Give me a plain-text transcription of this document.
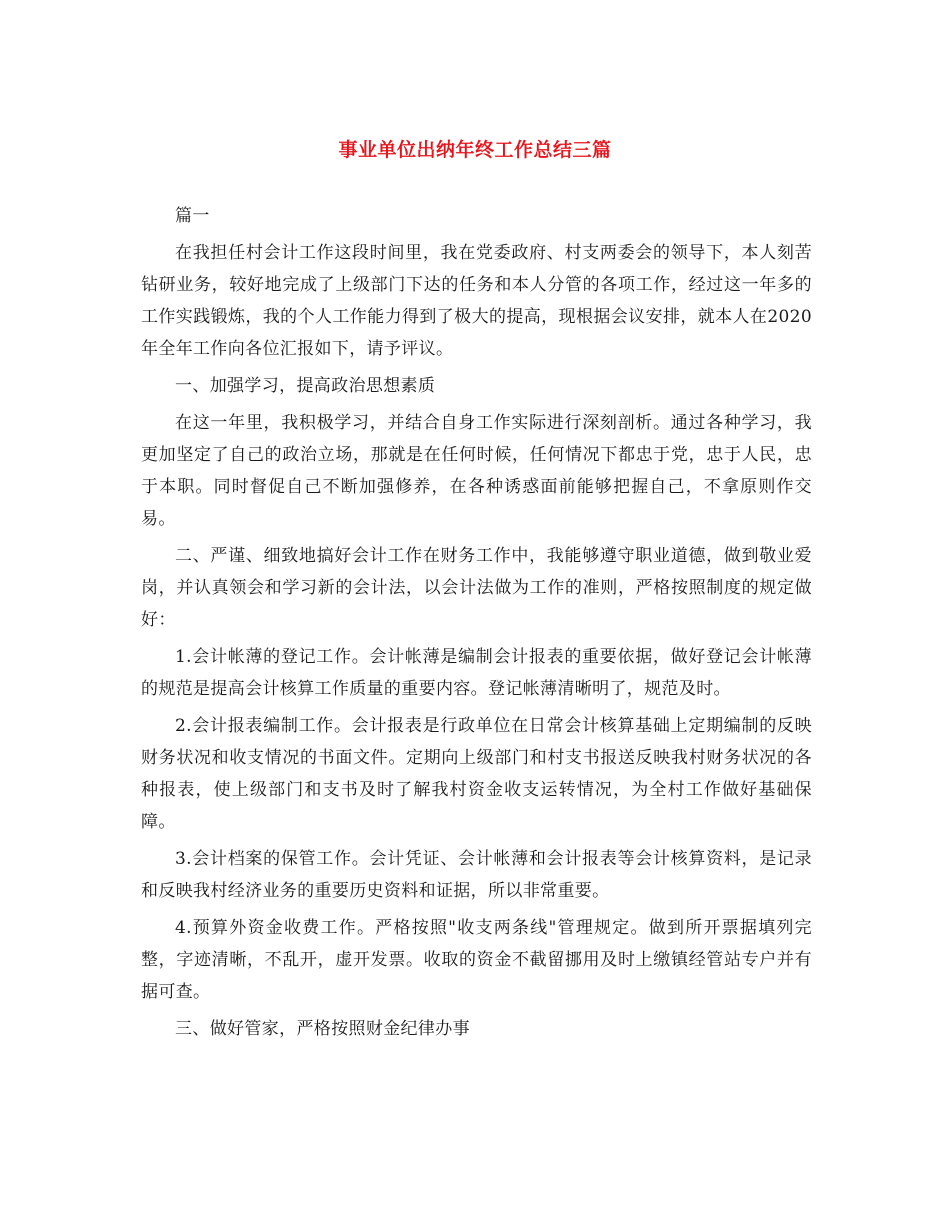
事业单位出纳年终工作总结三篇

篇一

在我担任村会计工作这段时间里，我在党委政府、村支两委会的领导下，本人刻苦钻研业务，较好地完成了上级部门下达的任务和本人分管的各项工作，经过这一年多的工作实践锻炼，我的个人工作能力得到了极大的提高，现根据会议安排，就本人在2020年全年工作向各位汇报如下，请予评议。

一、加强学习，提高政治思想素质

在这一年里，我积极学习，并结合自身工作实际进行深刻剖析。通过各种学习，我更加坚定了自己的政治立场，那就是在任何时候，任何情况下都忠于党，忠于人民，忠于本职。同时督促自己不断加强修养，在各种诱惑面前能够把握自己，不拿原则作交易。

二、严谨、细致地搞好会计工作在财务工作中，我能够遵守职业道德，做到敬业爱岗，并认真领会和学习新的会计法，以会计法做为工作的准则，严格按照制度的规定做好：

1.会计帐薄的登记工作。会计帐薄是编制会计报表的重要依据，做好登记会计帐薄的规范是提高会计核算工作质量的重要内容。登记帐薄清晰明了，规范及时。

2.会计报表编制工作。会计报表是行政单位在日常会计核算基础上定期编制的反映财务状况和收支情况的书面文件。定期向上级部门和村支书报送反映我村财务状况的各种报表，使上级部门和支书及时了解我村资金收支运转情况，为全村工作做好基础保障。

3.会计档案的保管工作。会计凭证、会计帐薄和会计报表等会计核算资料，是记录和反映我村经济业务的重要历史资料和证据，所以非常重要。

4.预算外资金收费工作。严格按照"收支两条线"管理规定。做到所开票据填列完整，字迹清晰，不乱开，虚开发票。收取的资金不截留挪用及时上缴镇经管站专户并有据可查。

三、做好管家，严格按照财金纪律办事
